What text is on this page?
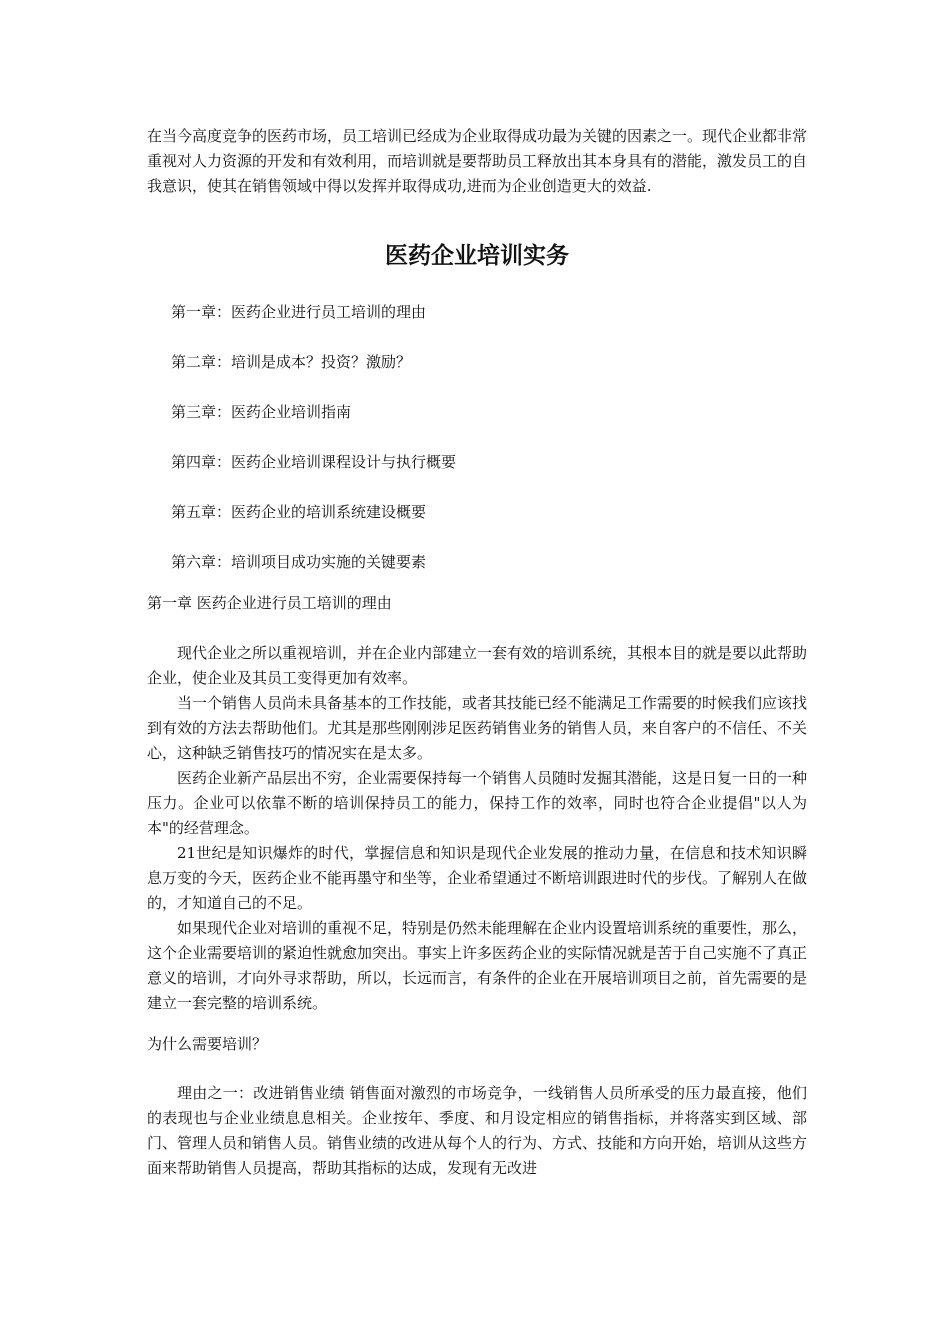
在当今高度竞争的医药市场，员工培训已经成为企业取得成功最为关键的因素之一。现代企业都非常重视对人力资源的开发和有效利用，而培训就是要帮助员工释放出其本身具有的潜能，激发员工的自我意识，使其在销售领域中得以发挥并取得成功,进而为企业创造更大的效益.

医药企业培训实务
第一章：医药企业进行员工培训的理由
第二章：培训是成本？投资？激励？
第三章：医药企业培训指南
第四章：医药企业培训课程设计与执行概要
第五章：医药企业的培训系统建设概要
第六章：培训项目成功实施的关键要素

第一章 医药企业进行员工培训的理由

现代企业之所以重视培训，并在企业内部建立一套有效的培训系统，其根本目的就是要以此帮助企业，使企业及其员工变得更加有效率。

当一个销售人员尚未具备基本的工作技能，或者其技能已经不能满足工作需要的时候我们应该找到有效的方法去帮助他们。尤其是那些刚刚涉足医药销售业务的销售人员，来自客户的不信任、不关心，这种缺乏销售技巧的情况实在是太多。

医药企业新产品层出不穷，企业需要保持每一个销售人员随时发掘其潜能，这是日复一日的一种压力。企业可以依靠不断的培训保持员工的能力，保持工作的效率，同时也符合企业提倡"以人为本"的经营理念。

21世纪是知识爆炸的时代，掌握信息和知识是现代企业发展的推动力量，在信息和技术知识瞬息万变的今天，医药企业不能再墨守和坐等，企业希望通过不断培训跟进时代的步伐。了解别人在做的，才知道自己的不足。

如果现代企业对培训的重视不足，特别是仍然未能理解在企业内设置培训系统的重要性，那么，这个企业需要培训的紧迫性就愈加突出。事实上许多医药企业的实际情况就是苦于自己实施不了真正意义的培训，才向外寻求帮助，所以，长远而言，有条件的企业在开展培训项目之前，首先需要的是建立一套完整的培训系统。

为什么需要培训？

理由之一：改进销售业绩 销售面对激烈的市场竞争，一线销售人员所承受的压力最直接，他们的表现也与企业业绩息息相关。企业按年、季度、和月设定相应的销售指标，并将落实到区域、部门、管理人员和销售人员。销售业绩的改进从每个人的行为、方式、技能和方向开始，培训从这些方面来帮助销售人员提高，帮助其指标的达成，发现有无改进
